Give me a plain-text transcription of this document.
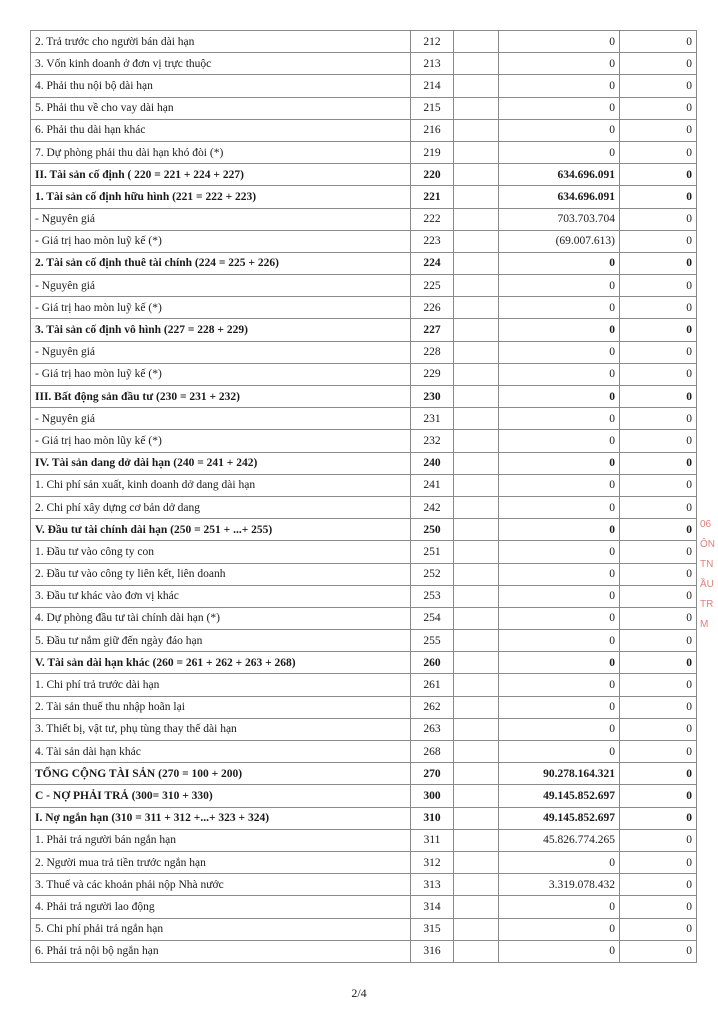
2. Trả trước cho người bán dài hạn	212		0	0
3. Vốn kinh doanh ở đơn vị trực thuộc	213		0	0
4. Phải thu nội bộ dài hạn	214		0	0
5. Phải thu về cho vay dài hạn	215		0	0
6. Phải thu dài hạn khác	216		0	0
7. Dự phòng phải thu dài hạn khó đòi (*)	219		0	0
II. Tài sản cố định ( 220 = 221 + 224 + 227)	220		634.696.091	0
1. Tài sản cố định hữu hình (221 = 222 + 223)	221		634.696.091	0
- Nguyên giá	222		703.703.704	0
- Giá trị hao mòn luỹ kế (*)	223		(69.007.613)	0
2. Tài sản cố định thuê tài chính (224 = 225 + 226)	224		0	0
- Nguyên giá	225		0	0
- Giá trị hao mòn luỹ kế (*)	226		0	0
3. Tài sản cố định vô hình (227 = 228 + 229)	227		0	0
- Nguyên giá	228		0	0
- Giá trị hao mòn luỹ kế (*)	229		0	0
III. Bất động sản đầu tư (230 = 231 + 232)	230		0	0
- Nguyên giá	231		0	0
- Giá trị hao mòn lũy kế (*)	232		0	0
IV. Tài sản dang dở dài hạn (240 = 241 + 242)	240		0	0
1. Chi phí sản xuất, kinh doanh dở dang dài hạn	241		0	0
2. Chi phí xây dựng cơ bản dở dang	242		0	0
V. Đầu tư tài chính dài hạn (250 = 251 + ...+ 255)	250		0	0
1. Đầu tư vào công ty con	251		0	0
2. Đầu tư vào công ty liên kết, liên doanh	252		0	0
3. Đầu tư khác vào đơn vị khác	253		0	0
4. Dự phòng đầu tư tài chính dài hạn (*)	254		0	0
5. Đầu tư nắm giữ đến ngày đáo hạn	255		0	0
V. Tài sản dài hạn khác (260 = 261 + 262 + 263 + 268)	260		0	0
1. Chi phí trả trước dài hạn	261		0	0
2. Tài sản thuế thu nhập hoãn lại	262		0	0
3. Thiết bị, vật tư, phụ tùng thay thế dài hạn	263		0	0
4. Tài sản dài hạn khác	268		0	0
TỔNG CỘNG TÀI SẢN (270 = 100 + 200)	270		90.278.164.321	0
C - NỢ PHẢI TRẢ (300= 310 + 330)	300		49.145.852.697	0
I. Nợ ngắn hạn (310 = 311 + 312 +...+ 323 + 324)	310		49.145.852.697	0
1. Phải trả người bán ngắn hạn	311		45.826.774.265	0
2. Người mua trả tiền trước ngắn hạn	312		0	0
3. Thuế và các khoản phải nộp Nhà nước	313		3.319.078.432	0
4. Phải trả người lao động	314		0	0
5. Chi phí phải trả ngắn hạn	315		0	0
6. Phải trả nội bộ ngắn hạn	316		0	0
06
ÔN
TN
ẦU
TR
M
2/4
